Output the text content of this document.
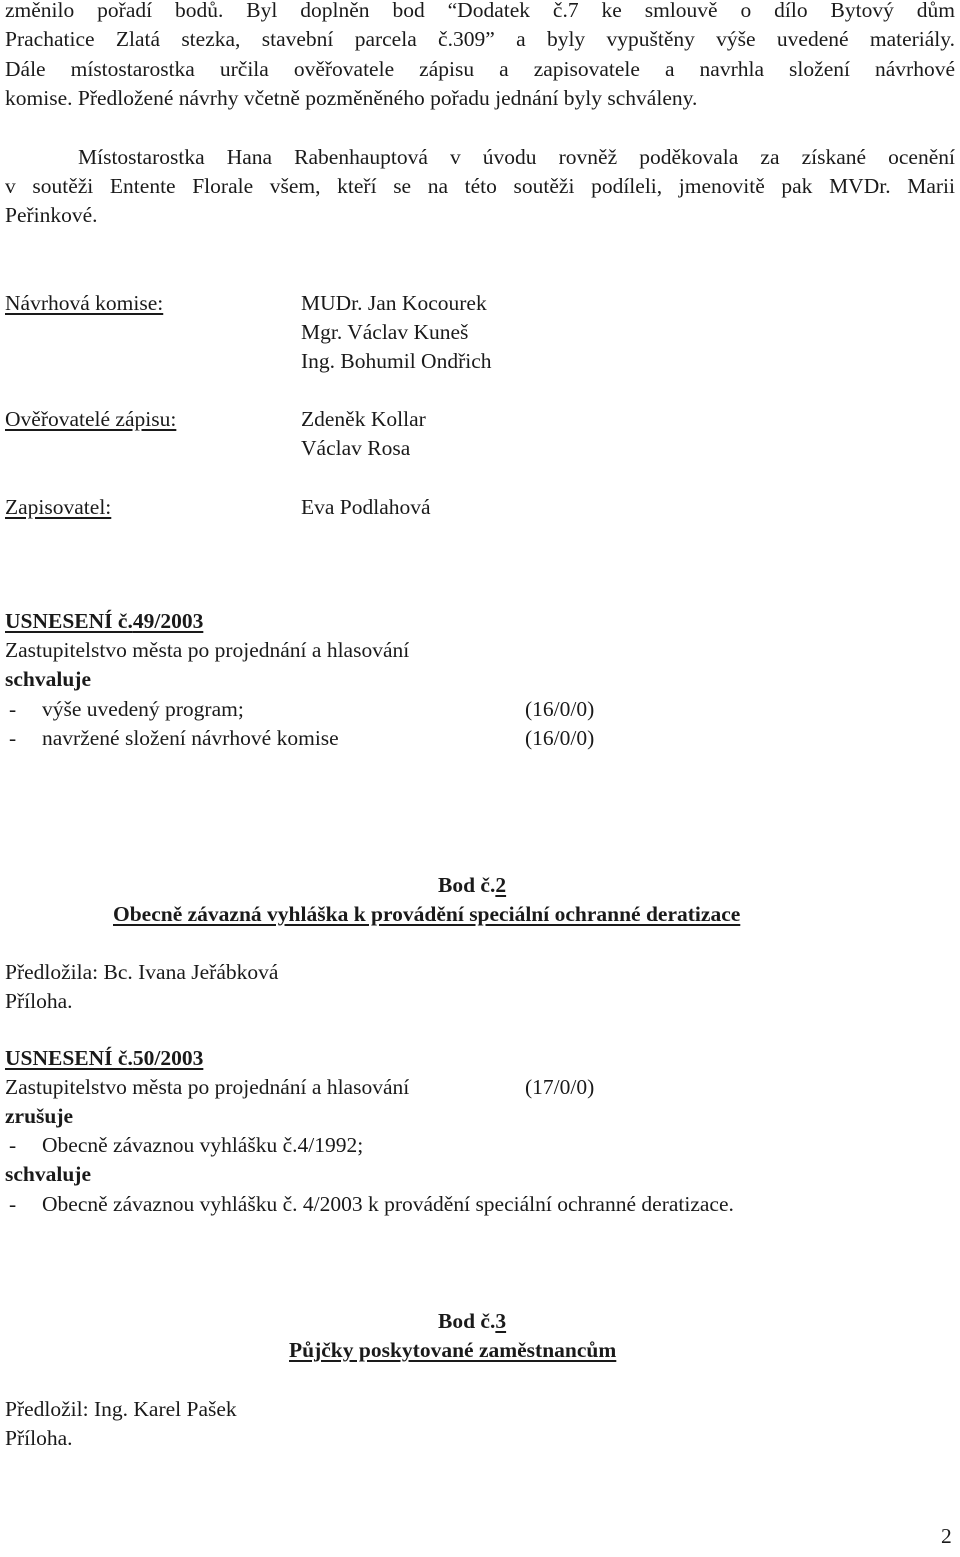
změnilo pořadí bodů. Byl doplněn bod “Dodatek č.7 ke smlouvě o dílo Bytový dům
Prachatice Zlatá stezka, stavební parcela č.309” a byly vypuštěny výše uvedené materiály.
Dále místostarostka určila ověřovatele zápisu a zapisovatele a navrhla složení návrhové
komise. Předložené návrhy včetně pozměněného pořadu jednání byly schváleny.
Místostarostka Hana Rabenhauptová v úvodu rovněž poděkovala za získané ocenění
v soutěži Entente Florale všem, kteří se na této soutěži podíleli, jmenovitě pak MVDr. Marii
Peřinkové.
Návrhová komise:	MUDr. Jan Kocourek
Mgr. Václav Kuneš
Ing. Bohumil Ondřich
Ověřovatelé zápisu:	Zdeněk Kollar
Václav Rosa
Zapisovatel:	Eva Podlahová
USNESENÍ č.49/2003
Zastupitelstvo města po projednání a hlasování
schvaluje
- výše uvedený program;	(16/0/0)
- navržené složení návrhové komise	(16/0/0)
Bod č.2
Obecně závazná vyhláška k provádění speciální ochranné deratizace
Předložila: Bc. Ivana Jeřábková
Příloha.
USNESENÍ č.50/2003
Zastupitelstvo města po projednání a hlasování	(17/0/0)
zrušuje
- Obecně závaznou vyhlášku č.4/1992;
schvaluje
- Obecně závaznou vyhlášku č. 4/2003 k provádění speciální ochranné deratizace.
Bod č.3
Půjčky poskytované zaměstnancům
Předložil: Ing. Karel Pašek
Příloha.
2
